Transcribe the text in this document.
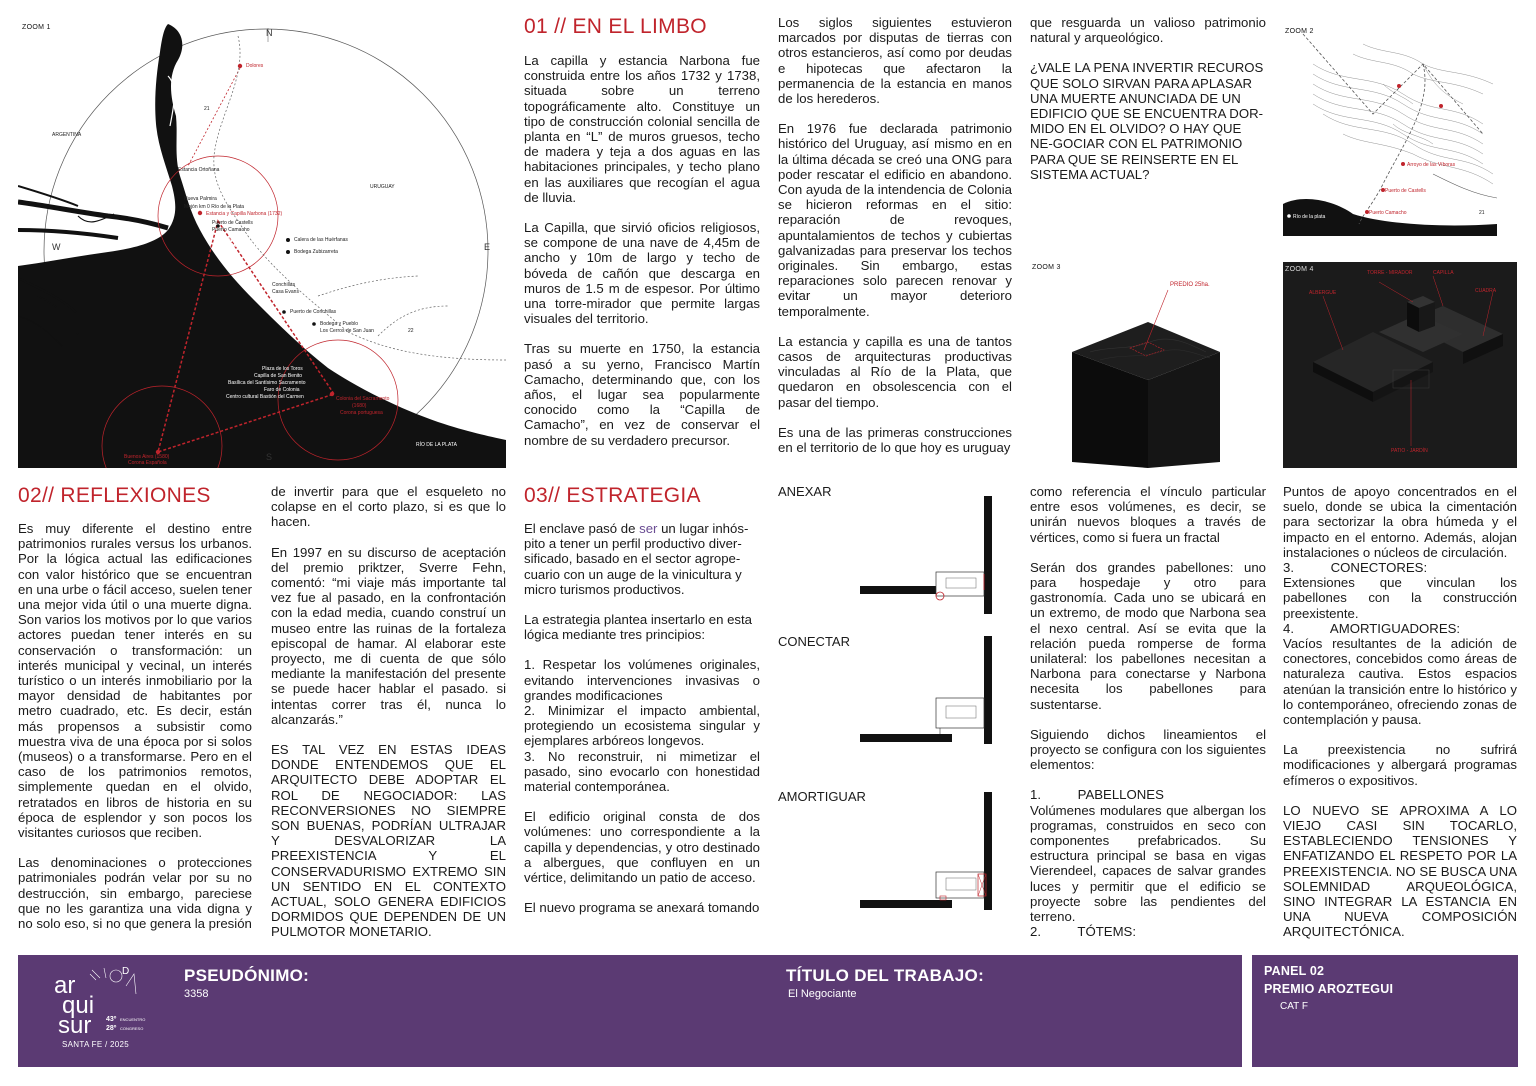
ZOOM 1
N
S
E
W
ARGENTINA
URUGUAY
RÍO DE LA PLATA
Dolores
Estancia Ortoñana
Nueva Palmira
Mojón km 0 Río de la Plata
Estancia y Capilla Narbona (1732)
Puerto de Castells
Puerto Camacho
Carmelo
Puente giratorio
Calera de las Huérfanas
Bodega Zubizarreta
Conchillas
Casa Evans
Puerto de Conchillas
Bodega y Pueblo
Los Cerros de San Juan
Plaza de los Toros
Capilla de San Benito
Basílica del Santísimo Sacramento
Faro de Colonia
Centro cultural Bastión del Carmen	Colonia del Sacramento
(1680)
Corona portuguesa
Buenos Aires (1580)
Corona Española
21
22
01 // EN EL LIMBO

La capilla y estancia Narbona fue construida entre los años 1732 y 1738, situada sobre un terreno topográficamente alto. Constituye un tipo de construcción colonial sencilla de planta en “L” de muros gruesos, techo de madera y teja a dos aguas en las habitaciones principales, y techo plano en las auxiliares que recogían el agua de lluvia.

La Capilla, que sirvió oficios religiosos, se compone de una nave de 4,45m de ancho y 10m de largo y techo de bóveda de cañón que descarga en muros de 1.5 m de espesor. Por último una torre-mirador que permite largas visuales del territorio.

Tras su muerte en 1750, la estancia pasó a su yerno, Francisco Martín Camacho, determinando que, con los años, el lugar sea popularmente conocido como la “Capilla de Camacho”, en vez de conservar el nombre de su verdadero precursor.

Los siglos siguientes estuvieron marcados por disputas de tierras con otros estancieros, así como por deudas e hipotecas que afectaron la permanencia de la estancia en manos de los herederos.

En 1976 fue declarada patrimonio histórico del Uruguay, así mismo en en la última década se creó una ONG para poder rescatar el edificio en abandono. Con ayuda de la intendencia de Colonia se hicieron reformas en el sitio: reparación de revoques, apuntalamientos de techos y cubiertas galvanizadas para preservar los techos originales. Sin embargo, estas reparaciones solo parecen renovar y evitar un mayor deterioro temporalmente.

La estancia y capilla es una de tantos casos de arquitecturas productivas vinculadas al Río de la Plata, que quedaron en obsolescencia con el pasar del tiempo.

Es una de las primeras construcciones en el territorio de lo que hoy es uruguay

que resguarda un valioso patrimonio natural y arqueológico.

¿VALE LA PENA INVERTIR RECUROS QUE SOLO SIRVAN PARA APLASAR UNA MUERTE ANUNCIADA DE UN EDIFICIO QUE SE ENCUENTRA DOR-MIDO EN EL OLVIDO? O HAY QUE NE-GOCIAR CON EL PATRIMONIO PARA QUE SE REINSERTE EN EL SISTEMA ACTUAL?

ZOOM 3
PREDIO 25ha.
ZOOM 2
Río de la plata
Puerto Camacho
Puerto de Castells
Arroyo de las Víboras
21
ZOOM 4	TORRE - MIRADOR	CAPILLA
ALBERGUE	CUADRA
PATIO - JARDÍN
02// REFLEXIONES

Es muy diferente el destino entre patrimonios rurales versus los urbanos. Por la lógica actual las edificaciones con valor histórico que se encuentran en una urbe o fácil acceso, suelen tener una mejor vida útil o una muerte digna. Son varios los motivos por lo que varios actores puedan tener interés en su conservación o transformación: un interés municipal y vecinal, un interés turístico o un interés inmobiliario por la mayor densidad de habitantes por metro cuadrado, etc. Es decir, están más propensos a subsistir como muestra viva de una época por si solos (museos) o a transformarse. Pero en el caso de los patrimonios remotos, simplemente quedan en el olvido, retratados en libros de historia en su época de esplendor y son pocos los visitantes curiosos que reciben.

Las denominaciones o protecciones patrimoniales podrán velar por su no destrucción, sin embargo, pareciese que no les garantiza una vida digna y no solo eso, si no que genera la presión

de invertir para que el esqueleto no colapse en el corto plazo, si es que lo hacen.

En 1997 en su discurso de aceptación del premio priktzer, Sverre Fehn, comentó: “mi viaje más importante tal vez fue al pasado, en la confrontación con la edad media, cuando construí un museo entre las ruinas de la fortaleza episcopal de hamar. Al elaborar este proyecto, me di cuenta de que sólo mediante la manifestación del presente se puede hacer hablar el pasado. si intentas correr tras él, nunca lo alcanzarás.”

ES TAL VEZ EN ESTAS IDEAS DONDE ENTENDEMOS QUE EL ARQUITECTO DEBE ADOPTAR EL ROL DE NEGOCIADOR: LAS RECONVERSIONES NO SIEMPRE SON BUENAS, PODRÍAN ULTRAJAR Y DESVALORIZAR LA PREEXISTENCIA Y EL CONSERVADURISMO EXTREMO SIN UN SENTIDO EN EL CONTEXTO ACTUAL, SOLO GENERA EDIFICIOS DORMIDOS QUE DEPENDEN DE UN PULMOTOR MONETARIO.

03// ESTRATEGIA

El enclave pasó de ser un lugar inhós-pito a tener un perfil productivo diver-sificado, basado en el sector agrope-cuario con un auge de la vinicultura y micro turismos productivos.

La estrategia plantea insertarlo en esta lógica mediante tres principios:

1. Respetar los volúmenes originales, evitando intervenciones invasivas o grandes modificaciones
2. Minimizar el impacto ambiental, protegiendo un ecosistema singular y ejemplares arbóreos longevos.
3. No reconstruir, ni mimetizar el pasado, sino evocarlo con honestidad material contemporánea.

El edificio original consta de dos volúmenes: uno correspondiente a la capilla y dependencias, y otro destinado a albergues, que confluyen en un vértice, delimitando un patio de acceso.

El nuevo programa se anexará tomando

ANEXAR
CONECTAR
AMORTIGUAR

como referencia el vínculo particular entre esos volúmenes, es decir, se unirán nuevos bloques a través de vértices, como si fuera un fractal

Serán dos grandes pabellones: uno para hospedaje y otro para gastronomía. Cada uno se ubicará en un extremo, de modo que Narbona sea el nexo central. Así se evita que la relación pueda romperse de forma unilateral: los pabellones necesitan a Narbona para conectarse y Narbona necesita los pabellones para sustentarse.

Siguiendo dichos lineamientos el proyecto se configura con los siguientes elementos:

1.          PABELLONES
Volúmenes modulares que albergan los programas, construidos en seco con componentes prefabricados. Su estructura principal se basa en vigas Vierendeel, capaces de salvar grandes luces y permitir que el edificio se proyecte sobre las pendientes del terreno.
2.          TÓTEMS:

Puntos de apoyo concentrados en el suelo, donde se ubica la cimentación para sectorizar la obra húmeda y el impacto en el entorno. Además, alojan instalaciones o núcleos de circulación.
3.          CONECTORES:
Extensiones que vinculan los pabellones con la construcción preexistente.
4.          AMORTIGUADORES:
Vacíos resultantes de la adición de conectores, concebidos como áreas de naturaleza cautiva. Estos espacios atenúan la transición entre lo histórico y lo contemporáneo, ofreciendo zonas de contemplación y pausa.

La preexistencia no sufrirá modificaciones y albergará programas efímeros o expositivos.

LO NUEVO SE APROXIMA A LO VIEJO CASI SIN TOCARLO, ESTABLECIENDO TENSIONES Y ENFATIZANDO EL RESPETO POR LA PREEXISTENCIA. NO SE BUSCA UNA SOLEMNIDAD ARQUEOLÓGICA, SINO INTEGRAR LA ESTANCIA EN UNA NUEVA COMPOSICIÓN ARQUITECTÓNICA.

ar
qui
sur
D
43º ENCUENTRO
28º CONGRESO
SANTA FE / 2025
PSEUDÓNIMO:
3358
TÍTULO DEL TRABAJO:
El Negociante
PANEL 02
PREMIO AROZTEGUI
CAT F
